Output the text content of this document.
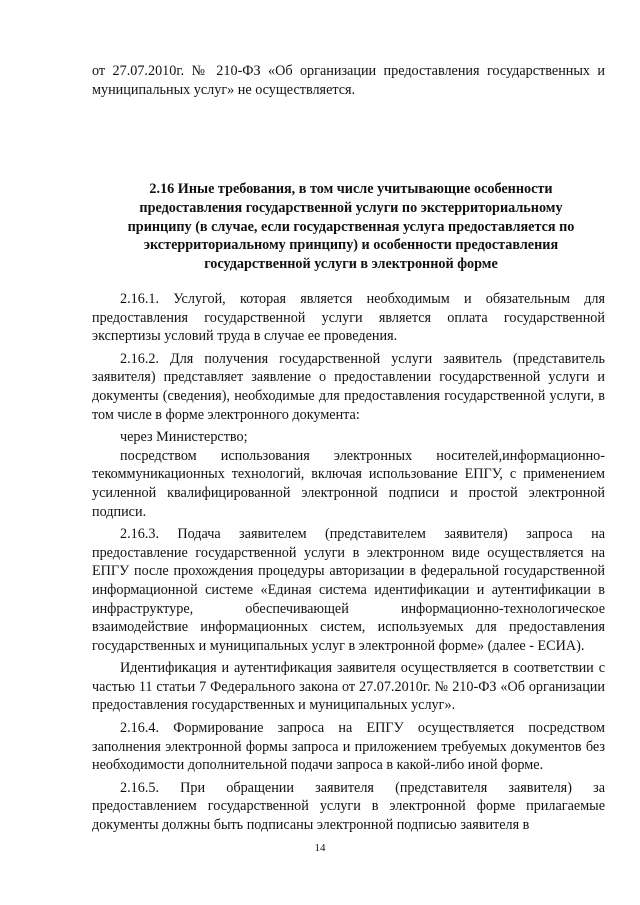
от 27.07.2010г. № 210-ФЗ «Об организации предоставления государственных и муниципальных услуг» не осуществляется.
2.16 Иные требования, в том числе учитывающие особенности предоставления государственной услуги по экстерриториальному принципу (в случае, если государственная услуга предоставляется по экстерриториальному принципу) и особенности предоставления государственной услуги в электронной форме

2.16.1. Услугой, которая является необходимым и обязательным для предоставления государственной услуги является оплата государственной экспертизы условий труда в случае ее проведения.

2.16.2. Для получения государственной услуги заявитель (представитель заявителя) представляет заявление о предоставлении государственной услуги и документы (сведения), необходимые для предоставления государственной услуги, в том числе в форме электронного документа:

через Министерство;

посредством использования электронных носителей,информационно-текоммуникационных технологий, включая использование ЕПГУ, с применением усиленной квалифицированной электронной подписи и простой электронной подписи.

2.16.3. Подача заявителем (представителем заявителя) запроса на предоставление государственной услуги в электронном виде осуществляется на ЕПГУ после прохождения процедуры авторизации в федеральной государственной информационной системе «Единая система идентификации и аутентификации в инфраструктуре, обеспечивающей информационно-технологическое взаимодействие информационных систем, используемых для предоставления государственных и муниципальных услуг в электронной форме» (далее - ЕСИА).

Идентификация и аутентификация заявителя осуществляется в соответствии с частью 11 статьи 7 Федерального закона от 27.07.2010г. № 210-ФЗ «Об организации предоставления государственных и муниципальных услуг».

2.16.4. Формирование запроса на ЕПГУ осуществляется посредством заполнения электронной формы запроса и приложением требуемых документов без необходимости дополнительной подачи запроса в какой-либо иной форме.

2.16.5. При обращении заявителя (представителя заявителя) за предоставлением государственной услуги в электронной форме прилагаемые документы должны быть подписаны электронной подписью заявителя в

14
